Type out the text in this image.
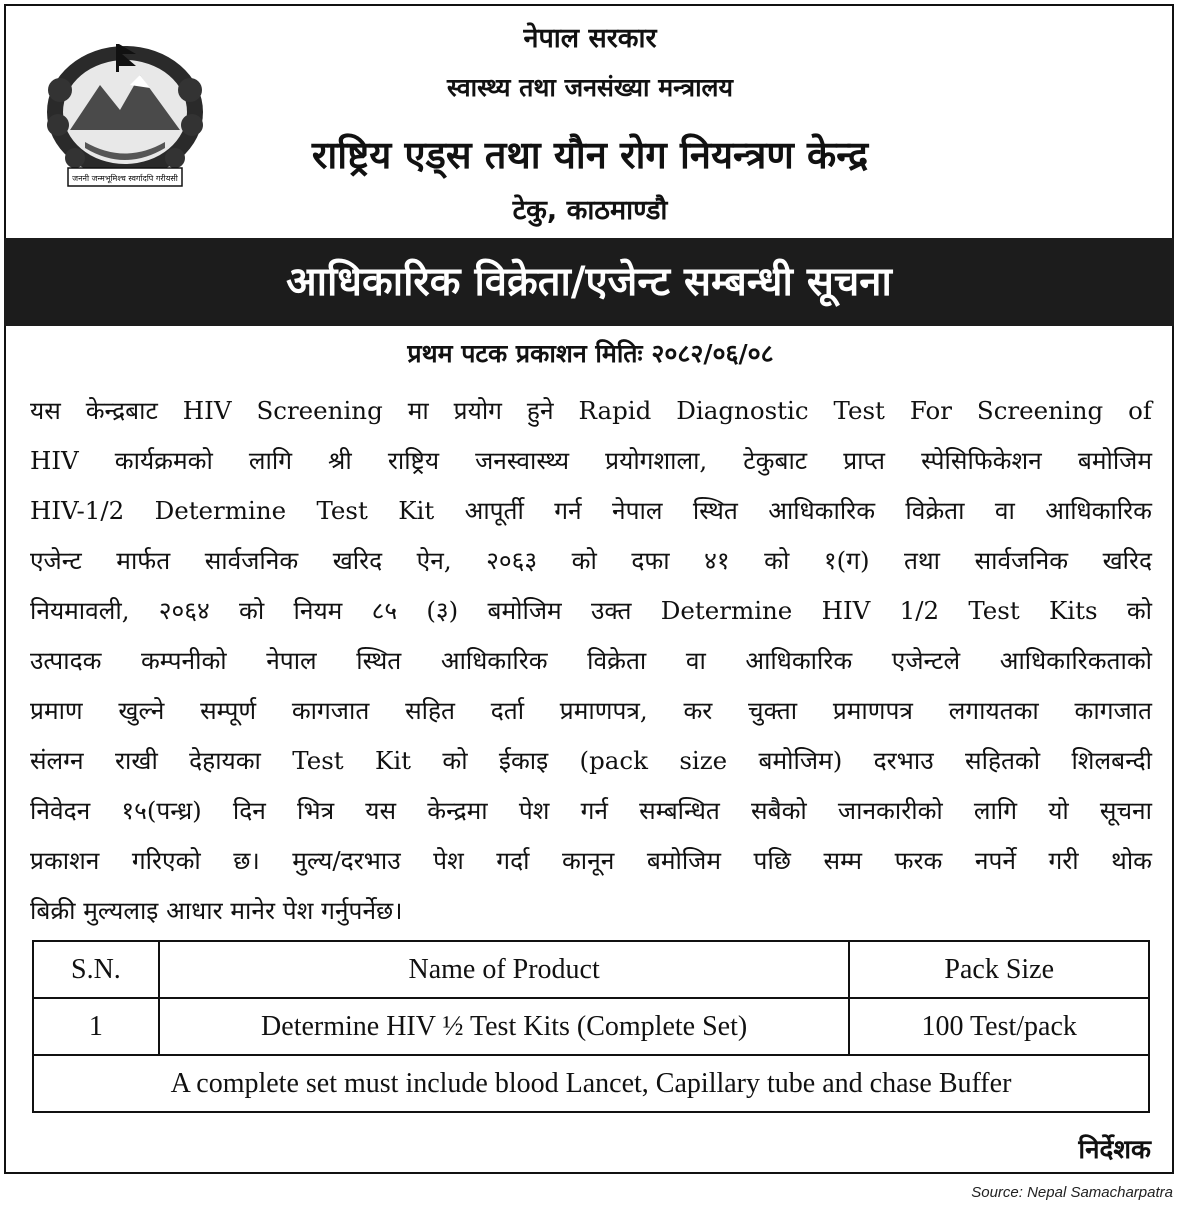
जननी जन्मभूमिश्च स्वर्गादपि गरीयसी
नेपाल सरकार
स्वास्थ्य तथा जनसंख्या मन्त्रालय
राष्ट्रिय एड्स तथा यौन रोग नियन्त्रण केन्द्र
टेकु, काठमाण्डौ
आधिकारिक विक्रेता/एजेन्ट सम्बन्धी सूचना
प्रथम पटक प्रकाशन मितिः २०८२/०६/०८
यस केन्द्रबाट HIV Screening मा प्रयोग हुने Rapid Diagnostic Test For Screening of
HIV कार्यक्रमको लागि श्री राष्ट्रिय जनस्वास्थ्य प्रयोगशाला, टेकुबाट प्राप्त स्पेसिफिकेशन बमोजिम
HIV-1/2 Determine Test Kit आपूर्ती गर्न नेपाल स्थित आधिकारिक विक्रेता वा आधिकारिक
एजेन्ट मार्फत सार्वजनिक खरिद ऐन, २०६३ को दफा ४१ को १(ग) तथा सार्वजनिक खरिद
नियमावली, २०६४ को नियम ८५ (३) बमोजिम उक्त Determine HIV 1/2 Test Kits को
उत्पादक कम्पनीको नेपाल स्थित आधिकारिक विक्रेता वा आधिकारिक एजेन्टले आधिकारिकताको
प्रमाण खुल्ने सम्पूर्ण कागजात सहित दर्ता प्रमाणपत्र, कर चुक्ता प्रमाणपत्र लगायतका कागजात
संलग्न राखी देहायका Test Kit को ईकाइ (pack size बमोजिम) दरभाउ सहितको शिलबन्दी
निवेदन १५(पन्ध्र) दिन भित्र यस केन्द्रमा पेश गर्न सम्बन्धित सबैको जानकारीको लागि यो सूचना
प्रकाशन गरिएको छ। मुल्य/दरभाउ पेश गर्दा कानून बमोजिम पछि सम्म फरक नपर्ने गरी थोक
बिक्री मुल्यलाइ आधार मानेर पेश गर्नुपर्नेछ।
S.N.	Name of Product	Pack Size
1	Determine HIV ½ Test Kits (Complete Set)	100 Test/pack
A complete set must include blood Lancet, Capillary tube and chase Buffer		
निर्देशक
Source: Nepal Samacharpatra
